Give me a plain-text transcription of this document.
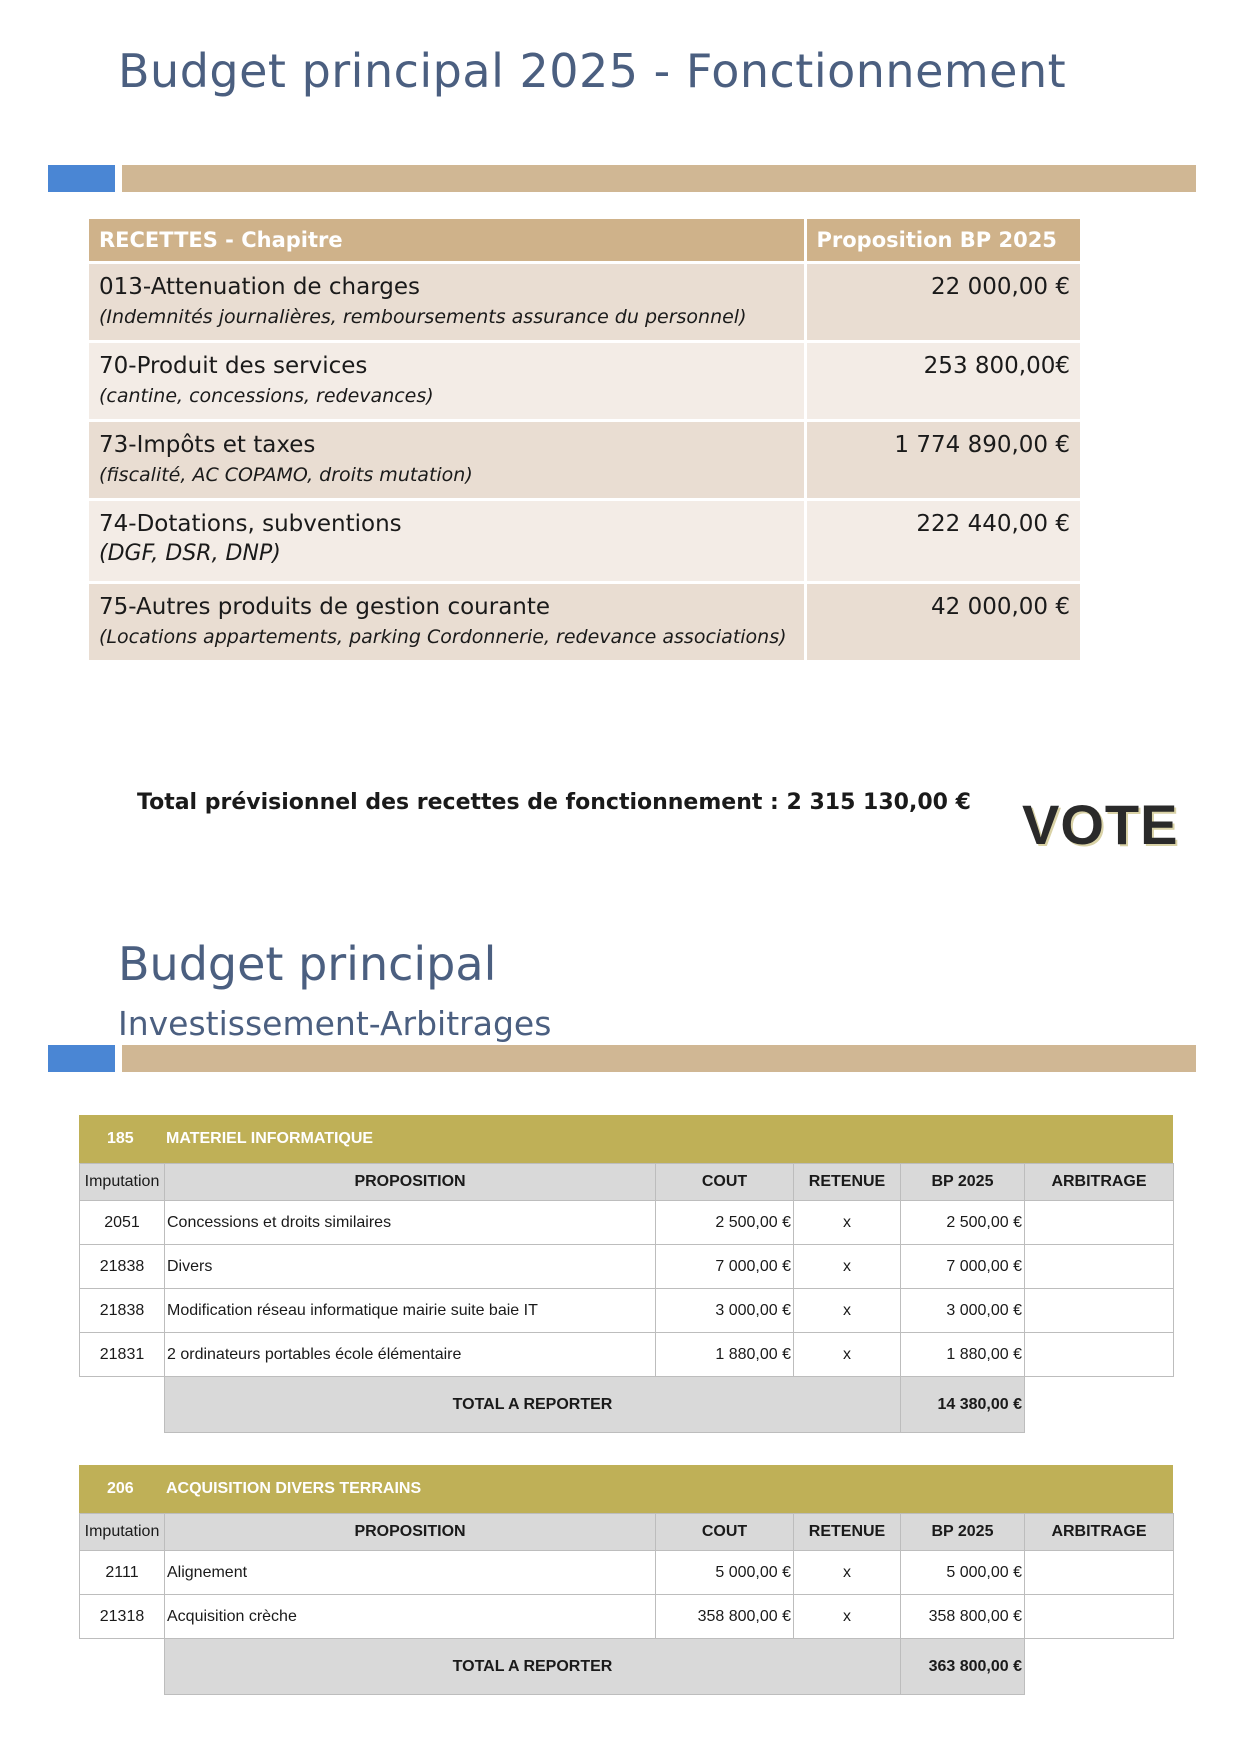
Budget principal 2025 - Fonctionnement
RECETTES - Chapitre	Proposition BP 2025

013-Attenuation de charges
(Indemnités journalières, remboursements assurance du personnel)	22 000,00 €

70-Produit des services
(cantine, concessions, redevances)	253 800,00€

73-Impôts et taxes
(fiscalité, AC COPAMO, droits mutation)	1 774 890,00 €

74-Dotations, subventions
(DGF, DSR, DNP)	222 440,00 €

75-Autres produits de gestion courante
(Locations appartements, parking Cordonnerie, redevance associations)	42 000,00 €
Total prévisionnel des recettes de fonctionnement : 2 315 130,00 € VOTE
Budget principal
Investissement-Arbitrages
185 MATERIEL INFORMATIQUE
Imputation	PROPOSITION	COUT	RETENUE	BP 2025	ARBITRAGE
2051	Concessions et droits similaires	2 500,00 €	x	2 500,00 €	
21838	Divers	7 000,00 €	x	7 000,00 €	
21838	Modification réseau informatique mairie suite baie IT	3 000,00 €	x	3 000,00 €	
21831	2 ordinateurs portables école élémentaire	1 880,00 €	x	1 880,00 €	
	TOTAL A REPORTER			14 380,00 €	
206 ACQUISITION DIVERS TERRAINS
Imputation	PROPOSITION	COUT	RETENUE	BP 2025	ARBITRAGE
2111	Alignement	5 000,00 €	x	5 000,00 €	
21318	Acquisition crèche	358 800,00 €	x	358 800,00 €	
	TOTAL A REPORTER			363 800,00 €	
